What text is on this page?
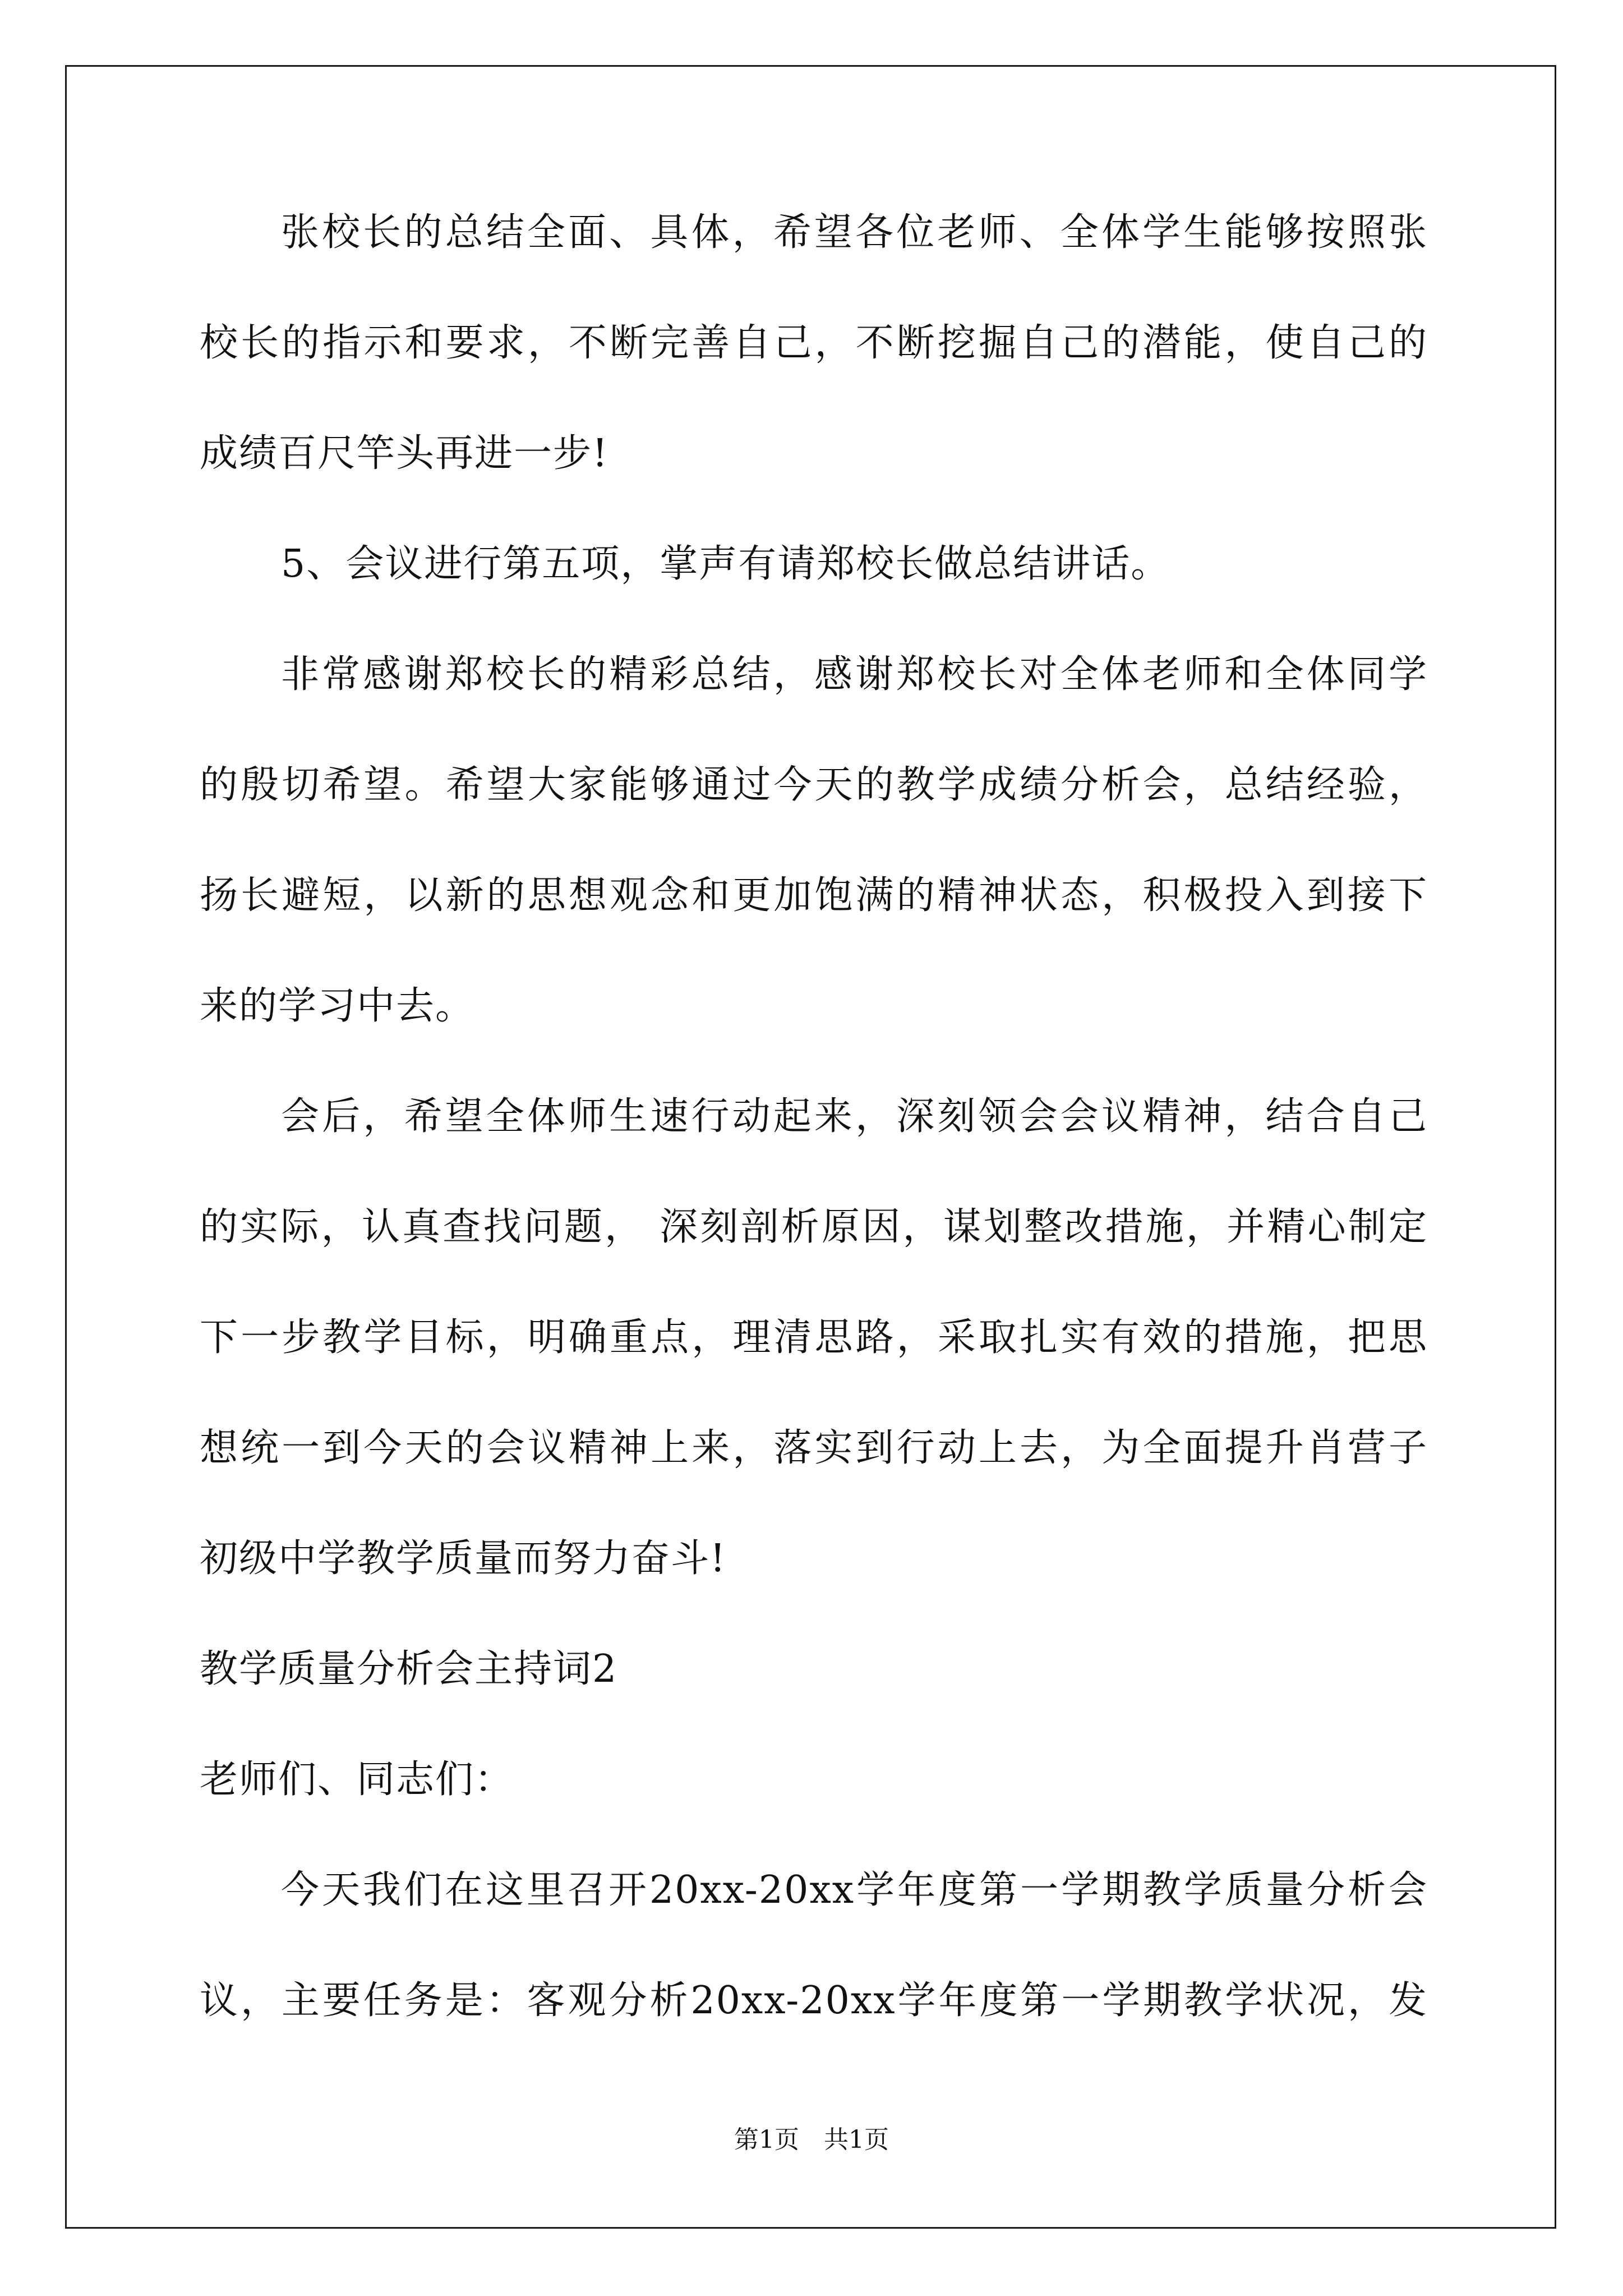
张校长的总结全面、具体，希望各位老师、全体学生能够按照张
校长的指示和要求，不断完善自己，不断挖掘自己的潜能，使自己的
成绩百尺竿头再进一步!
5、会议进行第五项，掌声有请郑校长做总结讲话。
非常感谢郑校长的精彩总结，感谢郑校长对全体老师和全体同学
的殷切希望。希望大家能够通过今天的教学成绩分析会，总结经验，
扬长避短，以新的思想观念和更加饱满的精神状态，积极投入到接下
来的学习中去。
会后，希望全体师生速行动起来，深刻领会会议精神，结合自己
的实际，认真查找问题， 深刻剖析原因，谋划整改措施，并精心制定
下一步教学目标，明确重点，理清思路，采取扎实有效的措施，把思
想统一到今天的会议精神上来，落实到行动上去，为全面提升肖营子
初级中学教学质量而努力奋斗!
教学质量分析会主持词2
老师们、同志们：
今天我们在这里召开20xx-20xx学年度第一学期教学质量分析会
议，主要任务是：客观分析20xx-20xx学年度第一学期教学状况，发
第1页　共1页
